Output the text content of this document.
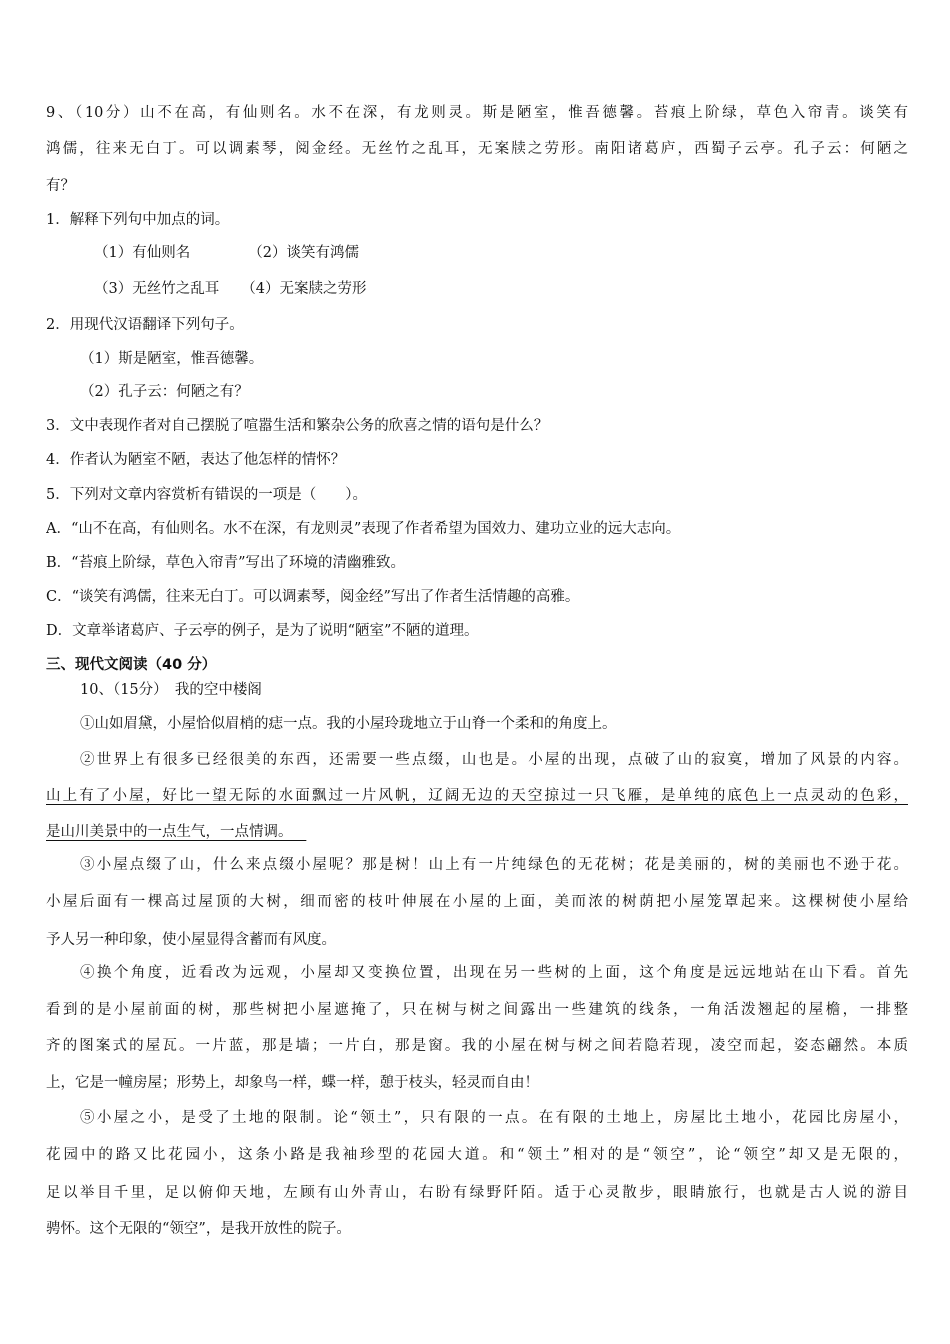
9、（10分）山不在高，有仙则名。水不在深，有龙则灵。斯是陋室，惟吾德馨。苔痕上阶绿，草色入帘青。谈笑有
鸿儒，往来无白丁。可以调素琴，阅金经。无丝竹之乱耳，无案牍之劳形。南阳诸葛庐，西蜀子云亭。孔子云：何陋之
有？
1．解释下列句中加点的词。
（1）有仙则名	（2）谈笑有鸿儒
（3）无丝竹之乱耳 （4）无案牍之劳形
2．用现代汉语翻译下列句子。
（1）斯是陋室，惟吾德馨。
（2）孔子云：何陋之有？
3．文中表现作者对自己摆脱了喧嚣生活和繁杂公务的欣喜之情的语句是什么？
4．作者认为陋室不陋，表达了他怎样的情怀？
5．下列对文章内容赏析有错误的一项是（　　）。
A．“山不在高，有仙则名。水不在深，有龙则灵”表现了作者希望为国效力、建功立业的远大志向。
B．“苔痕上阶绿，草色入帘青”写出了环境的清幽雅致。
C．“谈笑有鸿儒，往来无白丁。可以调素琴，阅金经”写出了作者生活情趣的高雅。
D．文章举诸葛庐、子云亭的例子，是为了说明“陋室”不陋的道理。
三、现代文阅读（40 分）
10、（15分）　我的空中楼阁
①山如眉黛，小屋恰似眉梢的痣一点。我的小屋玲珑地立于山脊一个柔和的角度上。
②世界上有很多已经很美的东西，还需要一些点缀，山也是。小屋的出现，点破了山的寂寞，增加了风景的内容。
山上有了小屋，好比一望无际的水面飘过一片风帆，辽阔无边的天空掠过一只飞雁，是单纯的底色上一点灵动的色彩，
是山川美景中的一点生气，一点情调。
③小屋点缀了山，什么来点缀小屋呢？那是树！山上有一片纯绿色的无花树；花是美丽的，树的美丽也不逊于花。
小屋后面有一棵高过屋顶的大树，细而密的枝叶伸展在小屋的上面，美而浓的树荫把小屋笼罩起来。这棵树使小屋给
予人另一种印象，使小屋显得含蓄而有风度。
④换个角度，近看改为远观，小屋却又变换位置，出现在另一些树的上面，这个角度是远远地站在山下看。首先
看到的是小屋前面的树，那些树把小屋遮掩了，只在树与树之间露出一些建筑的线条，一角活泼翘起的屋檐，一排整
齐的图案式的屋瓦。一片蓝，那是墙；一片白，那是窗。我的小屋在树与树之间若隐若现，凌空而起，姿态翩然。本质
上，它是一幢房屋；形势上，却象鸟一样，蝶一样，憩于枝头，轻灵而自由！
⑤小屋之小，是受了土地的限制。论“领土”，只有限的一点。在有限的土地上，房屋比土地小，花园比房屋小，
花园中的路又比花园小，这条小路是我袖珍型的花园大道。和“领土”相对的是“领空”，论“领空”却又是无限的，
足以举目千里，足以俯仰天地，左顾有山外青山，右盼有绿野阡陌。适于心灵散步，眼睛旅行，也就是古人说的游目
骋怀。这个无限的“领空”，是我开放性的院子。
